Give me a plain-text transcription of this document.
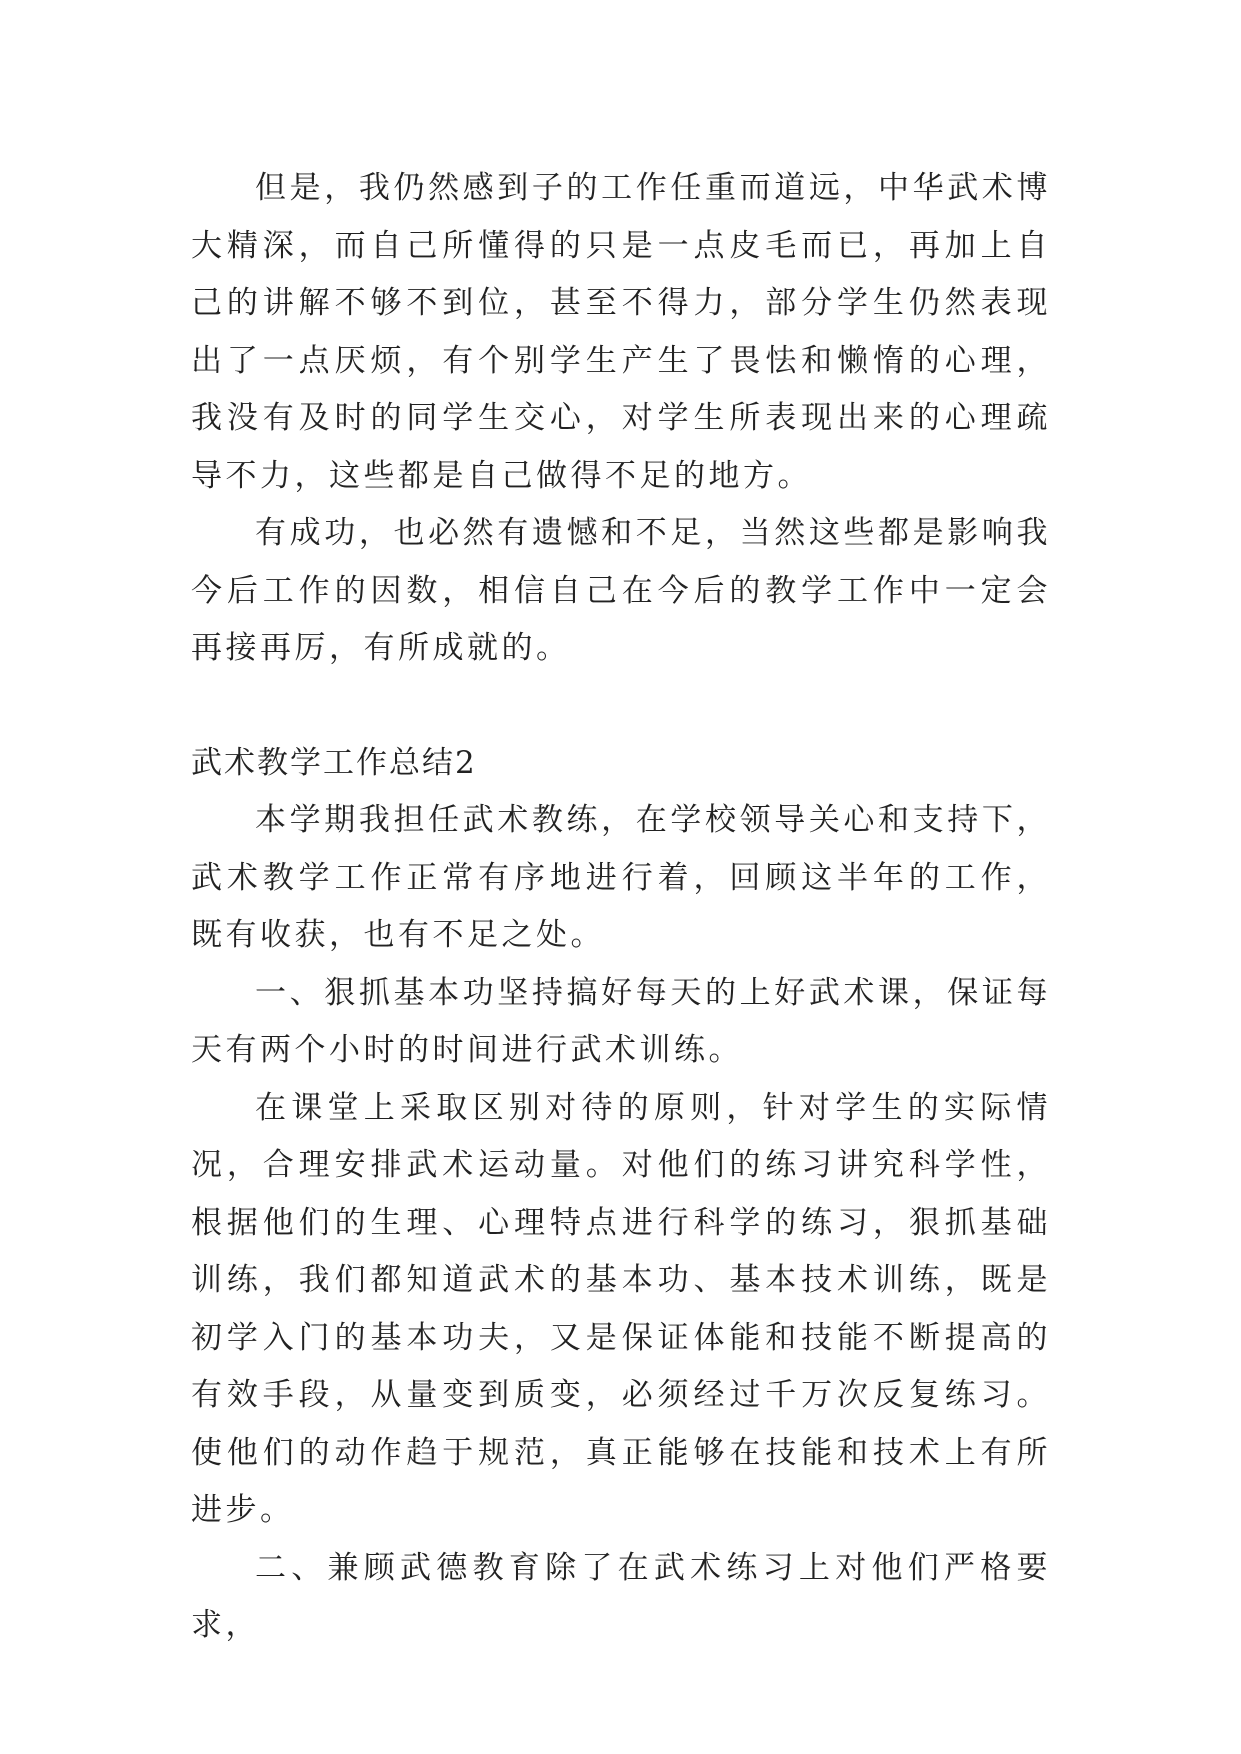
但是，我仍然感到子的工作任重而道远，中华武术博大精深，而自己所懂得的只是一点皮毛而已，再加上自己的讲解不够不到位，甚至不得力，部分学生仍然表现出了一点厌烦，有个别学生产生了畏怯和懒惰的心理，我没有及时的同学生交心，对学生所表现出来的心理疏导不力，这些都是自己做得不足的地方。

有成功，也必然有遗憾和不足，当然这些都是影响我今后工作的因数，相信自己在今后的教学工作中一定会再接再厉，有所成就的。

武术教学工作总结2

本学期我担任武术教练，在学校领导关心和支持下，武术教学工作正常有序地进行着，回顾这半年的工作，既有收获，也有不足之处。

一、狠抓基本功坚持搞好每天的上好武术课，保证每天有两个小时的时间进行武术训练。

在课堂上采取区别对待的原则，针对学生的实际情况，合理安排武术运动量。对他们的练习讲究科学性，根据他们的生理、心理特点进行科学的练习，狠抓基础训练，我们都知道武术的基本功、基本技术训练，既是初学入门的基本功夫，又是保证体能和技能不断提高的有效手段，从量变到质变，必须经过千万次反复练习。使他们的动作趋于规范，真正能够在技能和技术上有所进步。

二、兼顾武德教育除了在武术练习上对他们严格要求，
